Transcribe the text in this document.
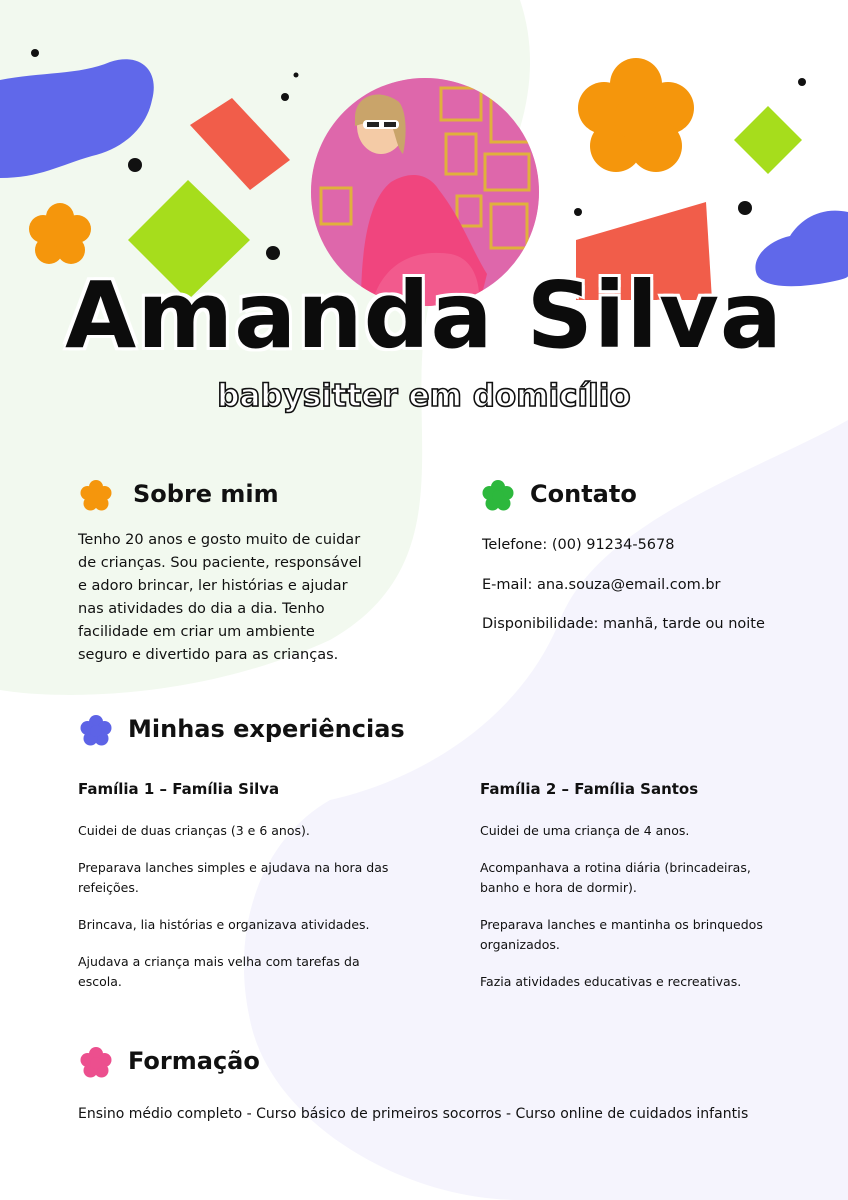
Amanda Silva
babysitter em domicílio
Sobre mim
Tenho 20 anos e gosto muito de cuidar
de crianças. Sou paciente, responsável
e adoro brincar, ler histórias e ajudar
nas atividades do dia a dia. Tenho
facilidade em criar um ambiente
seguro e divertido para as crianças.
Contato
Telefone: (00) 91234-5678
E-mail: ana.souza@email.com.br
Disponibilidade: manhã, tarde ou noite
Minhas experiências
Família 1 – Família Silva
Cuidei de duas crianças (3 e 6 anos).
Preparava lanches simples e ajudava na hora das refeições.
Brincava, lia histórias e organizava atividades.
Ajudava a criança mais velha com tarefas da escola.
Família 2 – Família Santos
Cuidei de uma criança de 4 anos.
Acompanhava a rotina diária (brincadeiras, banho e hora de dormir).
Preparava lanches e mantinha os brinquedos organizados.
Fazia atividades educativas e recreativas.
Formação
Ensino médio completo - Curso básico de primeiros socorros - Curso online de cuidados infantis
